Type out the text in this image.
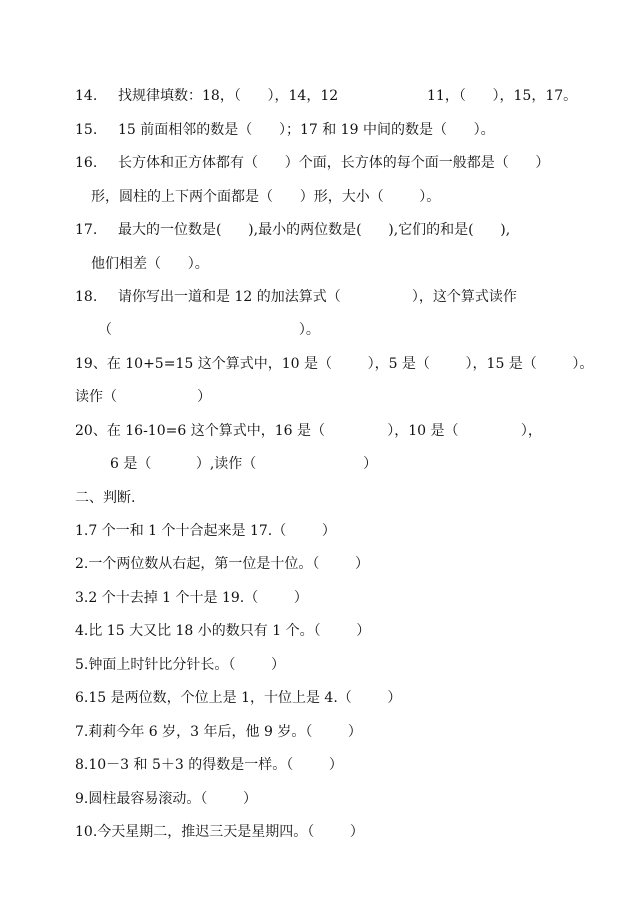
14. 找规律填数：18，（      ），14，12	11，（      ），15，17。
15. 15 前面相邻的数是（      ）；17 和 19 中间的数是（      ）。
16. 长方体和正方体都有（      ）个面，长方体的每个面一般都是（      ）
形，圆柱的上下两个面都是（      ）形，大小（        ）。
17. 最大的一位数是(      ),最小的两位数是(      ),它们的和是(      ),
他们相差（      ）。
18. 请你写出一道和是 12 的加法算式（                ），这个算式读作
（                                          ）。
19、在 10+5=15 这个算式中，10 是（        ），5 是（        ），15 是（        ）。
读作（                  ）
20、在 16-10=6 这个算式中，16 是（              ），10 是（              ），
6 是（          ）,读作（                        ）
二、判断.
1.7 个一和 1 个十合起来是 17.（        ）
2.一个两位数从右起，第一位是十位。（        ）
3.2 个十去掉 1 个十是 19.（        ）
4.比 15 大又比 18 小的数只有 1 个。（        ）
5.钟面上时针比分针长。（        ）
6.15 是两位数，个位上是 1，十位上是 4.（        ）
7.莉莉今年 6 岁，3 年后，他 9 岁。（        ）
8.10－3 和 5＋3 的得数是一样。（        ）
9.圆柱最容易滚动。（        ）
10.今天星期二，推迟三天是星期四。（        ）
